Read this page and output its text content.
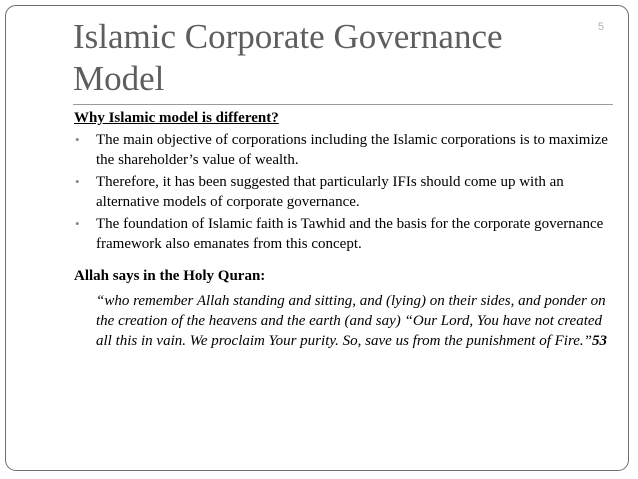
Islamic Corporate Governance Model
5
Why Islamic model is different?
• The main objective of corporations including the Islamic corporations is to maximize the shareholder’s value of wealth.
• Therefore, it has been suggested that particularly IFIs should come up with an alternative models of corporate governance.
• The foundation of Islamic faith is Tawhid and the basis for the corporate governance framework also emanates from this concept.
Allah says in the Holy Quran:

“who remember Allah standing and sitting, and (lying) on their sides, and ponder on the creation of the heavens and the earth (and say) “Our Lord, You have not created all this in vain. We proclaim Your purity. So, save us from the punishment of Fire.”53
